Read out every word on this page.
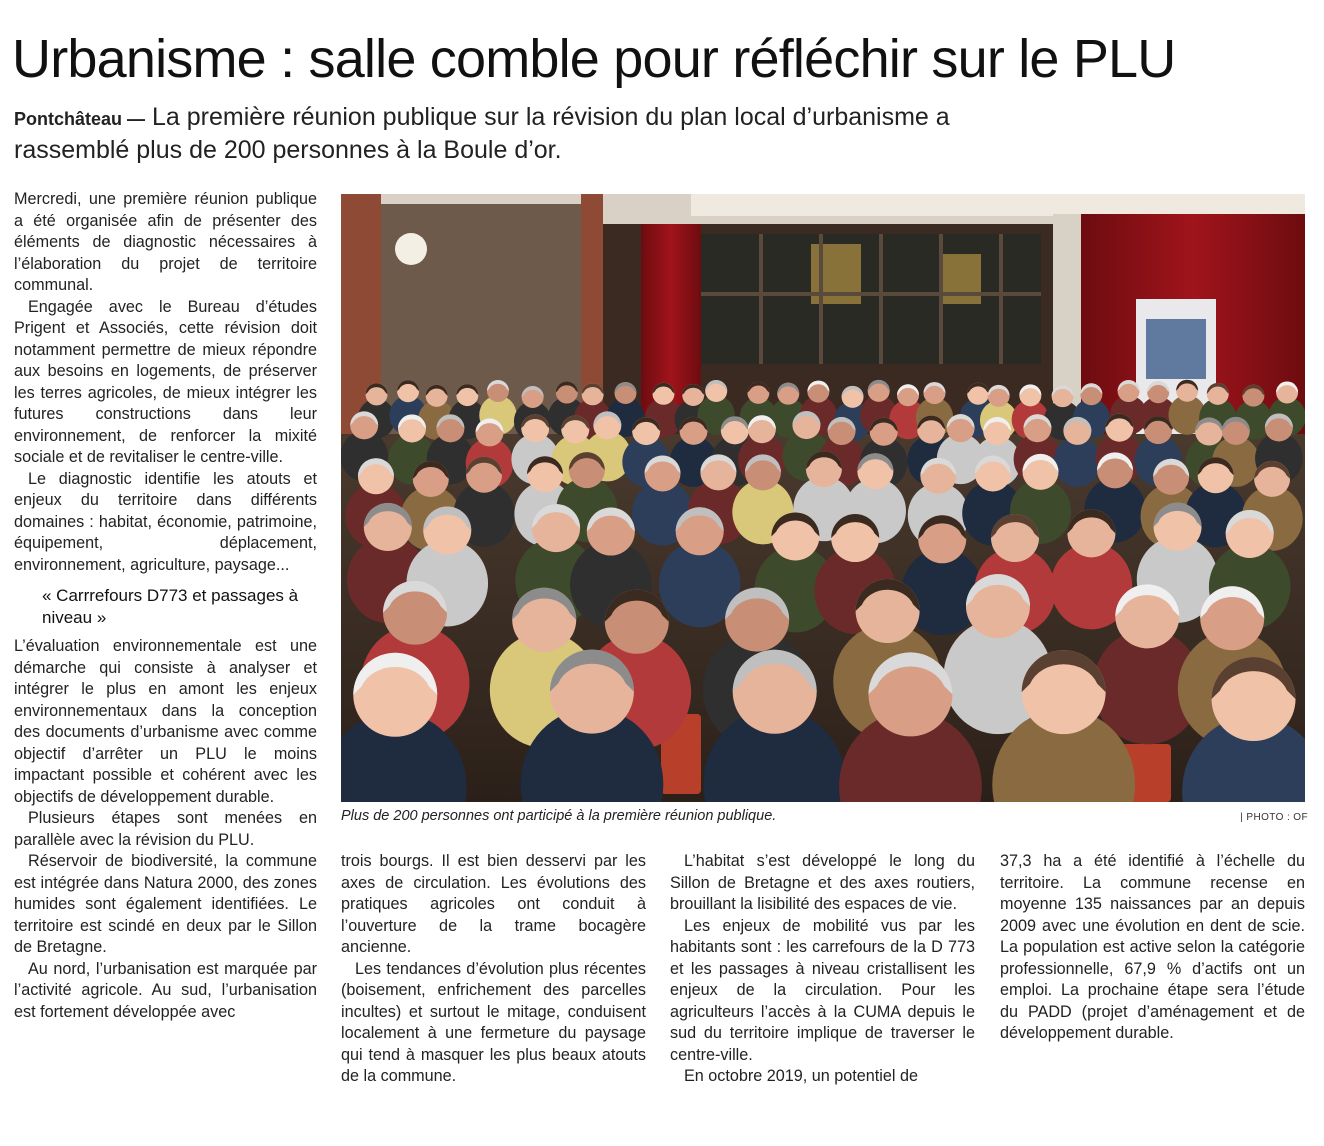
Urbanisme : salle comble pour réfléchir sur le PLU

Pontchâteau — La première réunion publique sur la révision du plan local d’urbanisme a rassemblé plus de 200 personnes à la Boule d’or.

Mercredi, une première réunion publique a été organisée afin de présenter des éléments de diagnostic nécessaires à l’élaboration du projet de territoire communal.

Engagée avec le Bureau d’études Prigent et Associés, cette révision doit notamment permettre de mieux répondre aux besoins en logements, de préserver les terres agricoles, de mieux intégrer les futures constructions dans leur environnement, de renforcer la mixité sociale et de revitaliser le centre-ville.

Le diagnostic identifie les atouts et enjeux du territoire dans différents domaines : habitat, économie, patrimoine, équipement, déplacement, environnement, agriculture, paysage...

« Carrrefours D773 et passages à niveau »

L’évaluation environnementale est une démarche qui consiste à analyser et intégrer le plus en amont les enjeux environnementaux dans la conception des documents d’urbanisme avec comme objectif d’arrêter un PLU le moins impactant possible et cohérent avec les objectifs de développement durable.

Plusieurs étapes sont menées en parallèle avec la révision du PLU.

Réservoir de biodiversité, la commune est intégrée dans Natura 2000, des zones humides sont également identifiées. Le territoire est scindé en deux par le Sillon de Bretagne.

Au nord, l’urbanisation est marquée par l’activité agricole. Au sud, l’urbanisation est fortement développée avec

Plus de 200 personnes ont participé à la première réunion publique.	| PHOTO : OF

trois bourgs. Il est bien desservi par les axes de circulation. Les évolutions des pratiques agricoles ont conduit à l’ouverture de la trame bocagère ancienne.

Les tendances d’évolution plus récentes (boisement, enfrichement des parcelles incultes) et surtout le mitage, conduisent localement à une fermeture du paysage qui tend à masquer les plus beaux atouts de la commune.

L’habitat s’est développé le long du Sillon de Bretagne et des axes routiers, brouillant la lisibilité des espaces de vie.

Les enjeux de mobilité vus par les habitants sont : les carrefours de la D 773 et les passages à niveau cristallisent les enjeux de la circulation. Pour les agriculteurs l’accès à la CUMA depuis le sud du territoire implique de traverser le centre-ville.

En octobre 2019, un potentiel de

37,3 ha a été identifié à l’échelle du territoire. La commune recense en moyenne 135 naissances par an depuis 2009 avec une évolution en dent de scie. La population est active selon la catégorie professionnelle, 67,9 % d’actifs ont un emploi. La prochaine étape sera l’étude du PADD (projet d’aménagement et de développement durable.
